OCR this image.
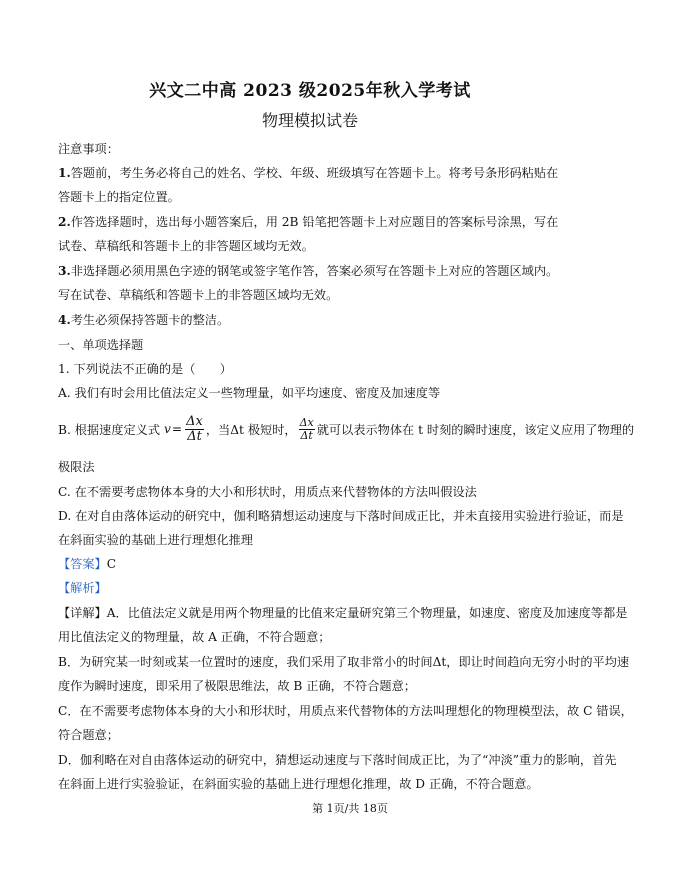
兴文二中高 2023 级2025年秋入学考试
物理模拟试卷
注意事项：
1.答题前，考生务必将自己的姓名、学校、年级、班级填写在答题卡上。将考号条形码粘贴在
答题卡上的指定位置。
2.作答选择题时，选出每小题答案后，用 2B 铅笔把答题卡上对应题目的答案标号涂黑，写在
试卷、草稿纸和答题卡上的非答题区域均无效。
3.非选择题必须用黑色字迹的钢笔或签字笔作答，答案必须写在答题卡上对应的答题区域内。
写在试卷、草稿纸和答题卡上的非答题区域均无效。
4.考生必须保持答题卡的整洁。
一、单项选择题
1. 下列说法不正确的是（　　）
A. 我们有时会用比值法定义一些物理量，如平均速度、密度及加速度等
B. 根据速度定义式 $v = \frac{\Delta x}{\Delta t}$ ，当Δt 极短时， $\frac{\Delta x}{\Delta t}$ 就可以表示物体在 t 时刻的瞬时速度，该定义应用了物理的
极限法
C. 在不需要考虑物体本身的大小和形状时，用质点来代替物体的方法叫假设法
D. 在对自由落体运动的研究中，伽利略猜想运动速度与下落时间成正比，并未直接用实验进行验证，而是
在斜面实验的基础上进行理想化推理
【答案】C
【解析】
【详解】A．比值法定义就是用两个物理量的比值来定量研究第三个物理量，如速度、密度及加速度等都是
用比值法定义的物理量，故 A 正确，不符合题意；
B．为研究某一时刻或某一位置时的速度，我们采用了取非常小的时间Δt，即让时间趋向无穷小时的平均速
度作为瞬时速度，即采用了极限思维法，故 B 正确，不符合题意；
C．在不需要考虑物体本身的大小和形状时，用质点来代替物体的方法叫理想化的物理模型法，故 C 错误，
符合题意；
D．伽利略在对自由落体运动的研究中，猜想运动速度与下落时间成正比，为了“冲淡”重力的影响，首先
在斜面上进行实验验证，在斜面实验的基础上进行理想化推理，故 D 正确，不符合题意。
第 1页/共 18页
